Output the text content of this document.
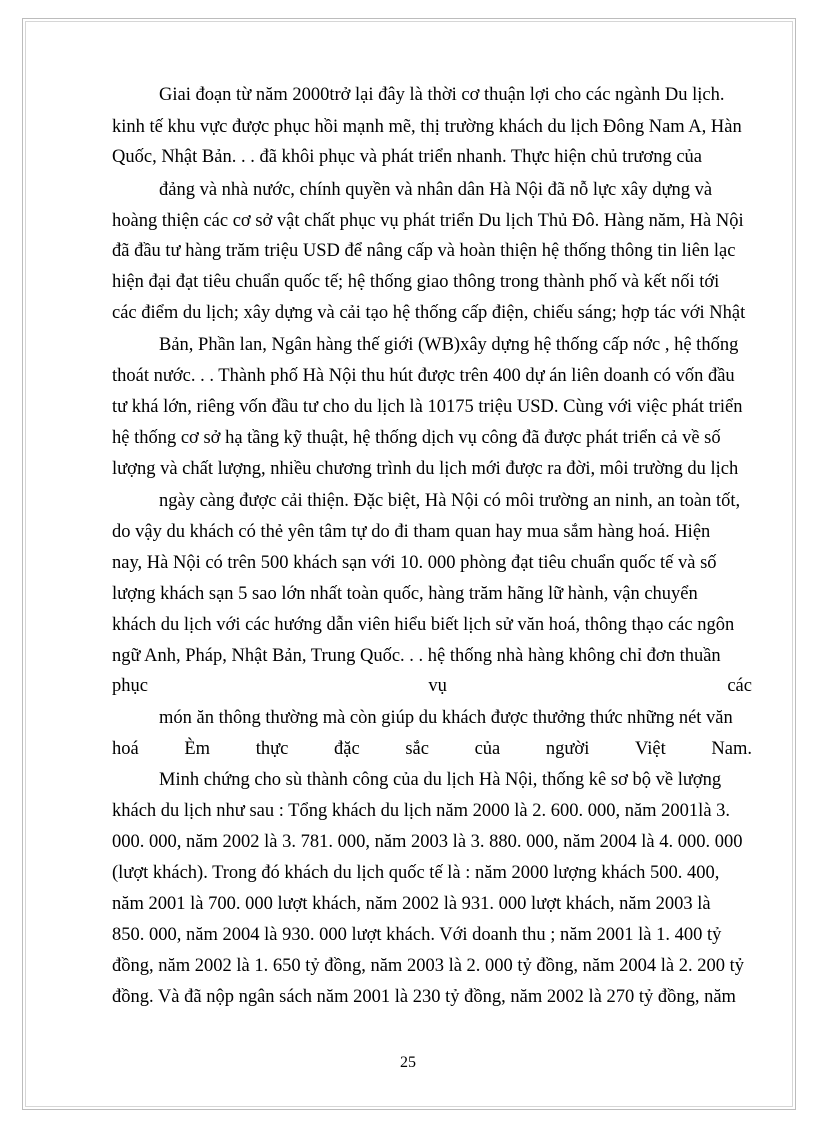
Giai đoạn từ năm 2000trở lại đây là thời cơ thuận lợi cho các ngành Du lịch.
kinh tế khu vực được phục hồi mạnh mẽ, thị trường khách du lịch Đông Nam A, Hàn
Quốc, Nhật Bản. . . đã khôi phục và phát triển nhanh. Thực hiện chủ trương của
đảng và nhà nước, chính quyền và nhân dân Hà Nội đã nỗ lực xây dựng và
hoàng thiện các cơ sở vật chất phục vụ phát triển Du lịch Thủ Đô. Hàng năm, Hà Nội
đã đầu tư hàng trăm triệu USD để nâng cấp và hoàn thiện hệ thống thông tin liên lạc
hiện đại đạt tiêu chuẩn quốc tế; hệ thống giao thông trong thành phố và kết nối tới
các điểm du lịch; xây dựng và cải tạo hệ thống cấp điện, chiếu sáng; hợp tác với Nhật
Bản, Phần lan, Ngân hàng thế giới (WB)xây dựng hệ thống cấp nớc , hệ thống
thoát nước. . . Thành phố Hà Nội thu hút được trên 400 dự án liên doanh có vốn đầu
tư khá lớn, riêng vốn đầu tư cho du lịch là 10175 triệu USD. Cùng với việc phát triển
hệ thống cơ sở hạ tầng kỹ thuật, hệ thống dịch vụ công đã được phát triển cả về số
lượng và chất lượng, nhiều chương trình du lịch mới được ra đời, môi trường du lịch
ngày càng được cải thiện. Đặc biệt, Hà Nội có môi trường an ninh, an toàn tốt,
do vậy du khách có thẻ yên tâm tự do đi tham quan hay mua sắm hàng hoá. Hiện
nay, Hà Nội có trên 500 khách sạn với 10. 000 phòng đạt tiêu chuẩn quốc tế và số
lượng khách sạn 5 sao lớn nhất toàn quốc, hàng trăm hãng lữ hành, vận chuyển
khách du lịch với các hướng dẫn viên hiểu biết lịch sử văn hoá, thông thạo các ngôn
ngữ Anh, Pháp, Nhật Bản, Trung Quốc. . . hệ thống nhà hàng không chỉ đơn thuần
phục	vụ	các
món ăn thông thường mà còn giúp du khách được thưởng thức những nét văn
hoá Èm thực đặc sắc của người Việt Nam.
Minh chứng cho sù thành công của du lịch Hà Nội, thống kê sơ bộ về lượng
khách du lịch như sau : Tổng khách du lịch năm 2000 là 2. 600. 000, năm 2001là 3.
000. 000, năm 2002 là 3. 781. 000, năm 2003 là 3. 880. 000, năm 2004 là 4. 000. 000
(lượt khách). Trong đó khách du lịch quốc tế là : năm 2000 lượng khách 500. 400,
năm 2001 là 700. 000 lượt khách, năm 2002 là 931. 000 lượt khách, năm 2003 là
850. 000, năm 2004 là 930. 000 lượt khách. Với doanh thu ; năm 2001 là 1. 400 tỷ
đồng, năm 2002 là 1. 650 tỷ đồng, năm 2003 là 2. 000 tỷ đồng, năm 2004 là 2. 200 tỷ
đồng. Và đã nộp ngân sách năm 2001 là 230 tỷ đồng, năm 2002 là 270 tỷ đồng, năm
25
